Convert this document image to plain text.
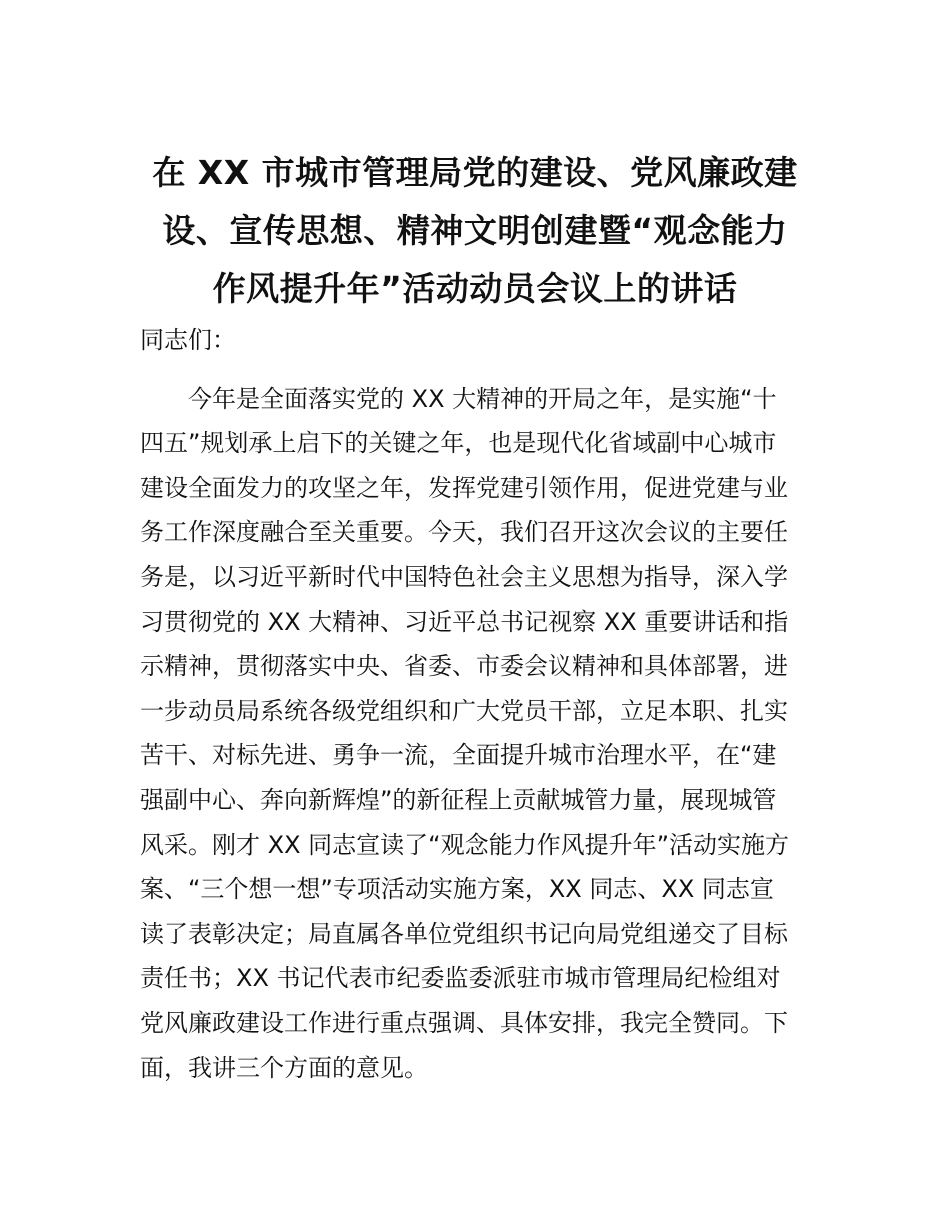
在 XX 市城市管理局党的建设、党风廉政建
设、宣传思想、精神文明创建暨“观念能力
作风提升年”活动动员会议上的讲话
同志们：
今年是全面落实党的 XX 大精神的开局之年，是实施“十
四五”规划承上启下的关键之年，也是现代化省域副中心城市
建设全面发力的攻坚之年，发挥党建引领作用，促进党建与业
务工作深度融合至关重要。今天，我们召开这次会议的主要任
务是，以习近平新时代中国特色社会主义思想为指导，深入学
习贯彻党的 XX 大精神、习近平总书记视察 XX 重要讲话和指
示精神，贯彻落实中央、省委、市委会议精神和具体部署，进
一步动员局系统各级党组织和广大党员干部，立足本职、扎实
苦干、对标先进、勇争一流，全面提升城市治理水平，在“建
强副中心、奔向新辉煌”的新征程上贡献城管力量，展现城管
风采。刚才 XX 同志宣读了“观念能力作风提升年”活动实施方
案、“三个想一想”专项活动实施方案，XX 同志、XX 同志宣
读了表彰决定；局直属各单位党组织书记向局党组递交了目标
责任书；XX 书记代表市纪委监委派驻市城市管理局纪检组对
党风廉政建设工作进行重点强调、具体安排，我完全赞同。下
面，我讲三个方面的意见。
